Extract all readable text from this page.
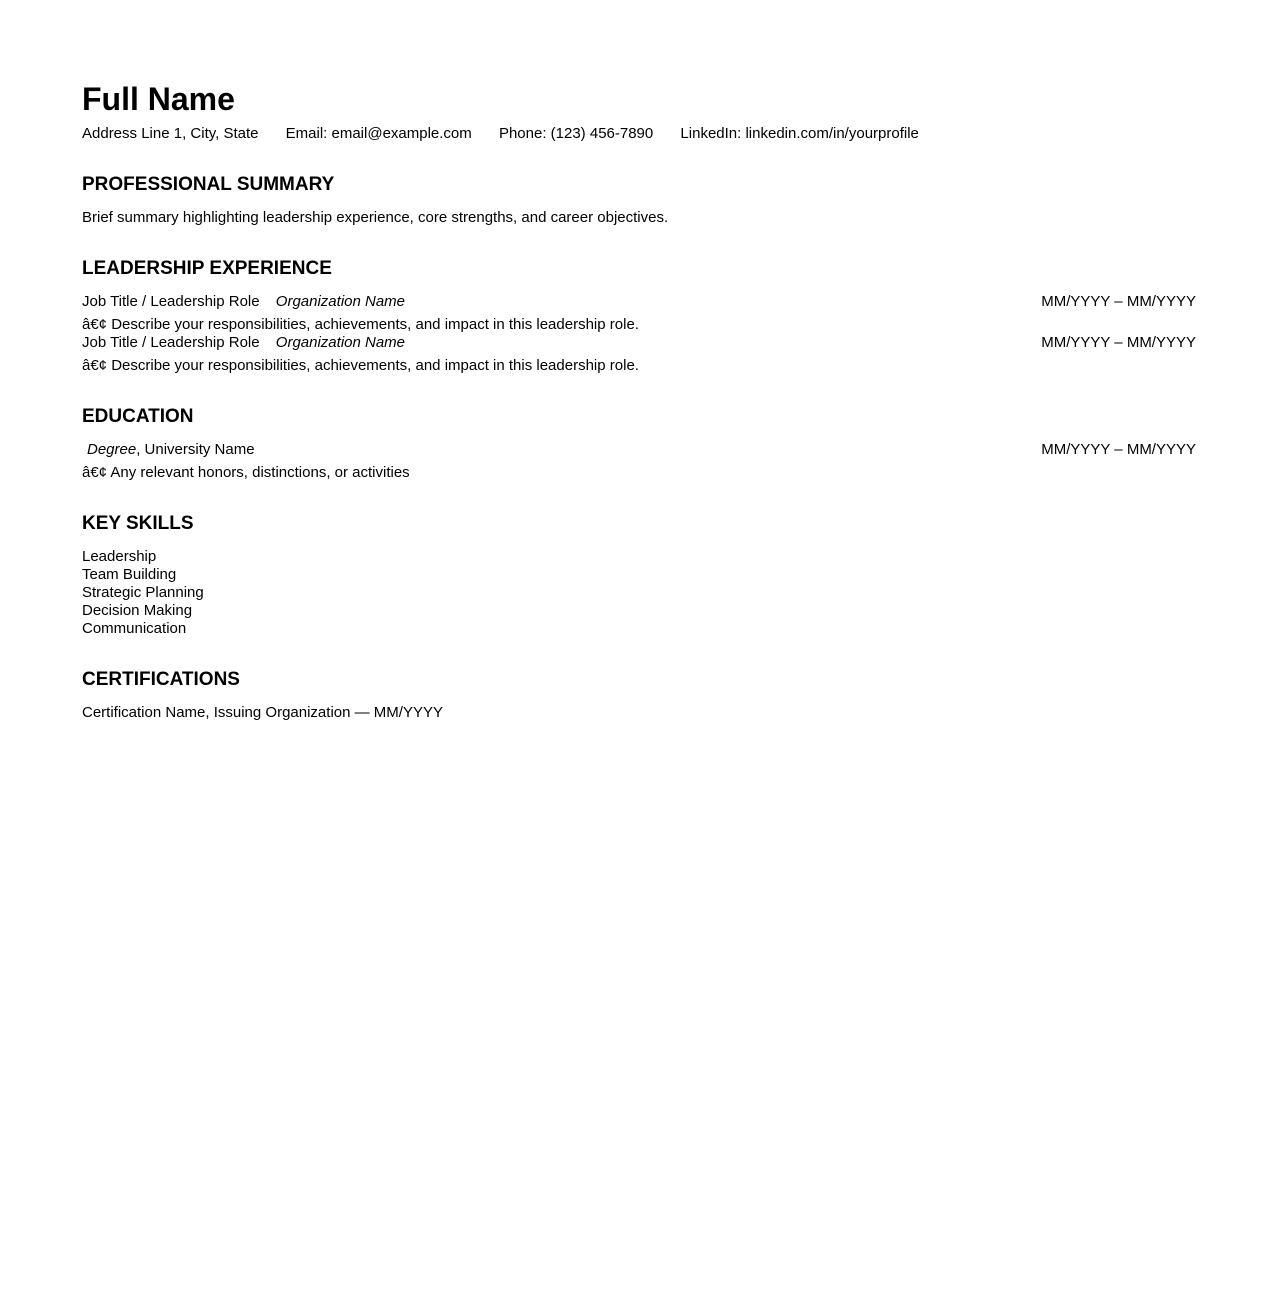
Full Name

Address Line 1, City, State Email: email@example.com Phone: (123) 456-7890 LinkedIn: linkedin.com/in/yourprofile

PROFESSIONAL SUMMARY

Brief summary highlighting leadership experience, core strengths, and career objectives.

LEADERSHIP EXPERIENCE

MM/YYYY – MM/YYYY
Job Title / Leadership Role Organization Name

â€¢ Describe your responsibilities, achievements, and impact in this leadership role.

MM/YYYY – MM/YYYY
Job Title / Leadership Role Organization Name

â€¢ Describe your responsibilities, achievements, and impact in this leadership role.

EDUCATION

MM/YYYY – MM/YYYY
Degree, University Name

â€¢ Any relevant honors, distinctions, or activities

KEY SKILLS
Leadership
Team Building
Strategic Planning
Decision Making
Communication
CERTIFICATIONS

Certification Name, Issuing Organization — MM/YYYY
